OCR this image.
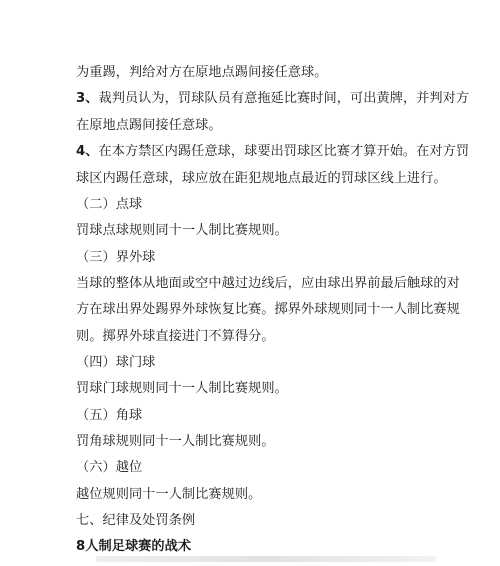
为重踢，判给对方在原地点踢间接任意球。
3、裁判员认为，罚球队员有意拖延比赛时间，可出黄牌，并判对方
在原地点踢间接任意球。
4、在本方禁区内踢任意球，球要出罚球区比赛才算开始。在对方罚
球区内踢任意球，球应放在距犯规地点最近的罚球区线上进行。
（二）点球
罚球点球规则同十一人制比赛规则。
（三）界外球
当球的整体从地面或空中越过边线后，应由球出界前最后触球的对
方在球出界处踢界外球恢复比赛。掷界外球规则同十一人制比赛规
则。掷界外球直接进门不算得分。
（四）球门球
罚球门球规则同十一人制比赛规则。
（五）角球
罚角球规则同十一人制比赛规则。
（六）越位
越位规则同十一人制比赛规则。
七、纪律及处罚条例
8人制足球赛的战术
